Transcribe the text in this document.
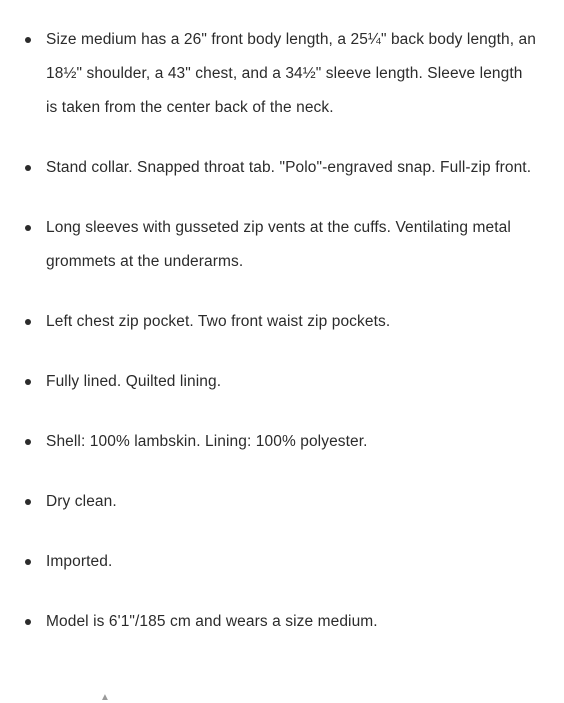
Size medium has a 26" front body length, a 25¼" back body length, an 18½" shoulder, a 43" chest, and a 34½" sleeve length. Sleeve length is taken from the center back of the neck.
Stand collar. Snapped throat tab. "Polo"-engraved snap. Full-zip front.
Long sleeves with gusseted zip vents at the cuffs. Ventilating metal grommets at the underarms.
Left chest zip pocket. Two front waist zip pockets.
Fully lined. Quilted lining.
Shell: 100% lambskin. Lining: 100% polyester.
Dry clean.
Imported.
Model is 6'1"/185 cm and wears a size medium.
▲
